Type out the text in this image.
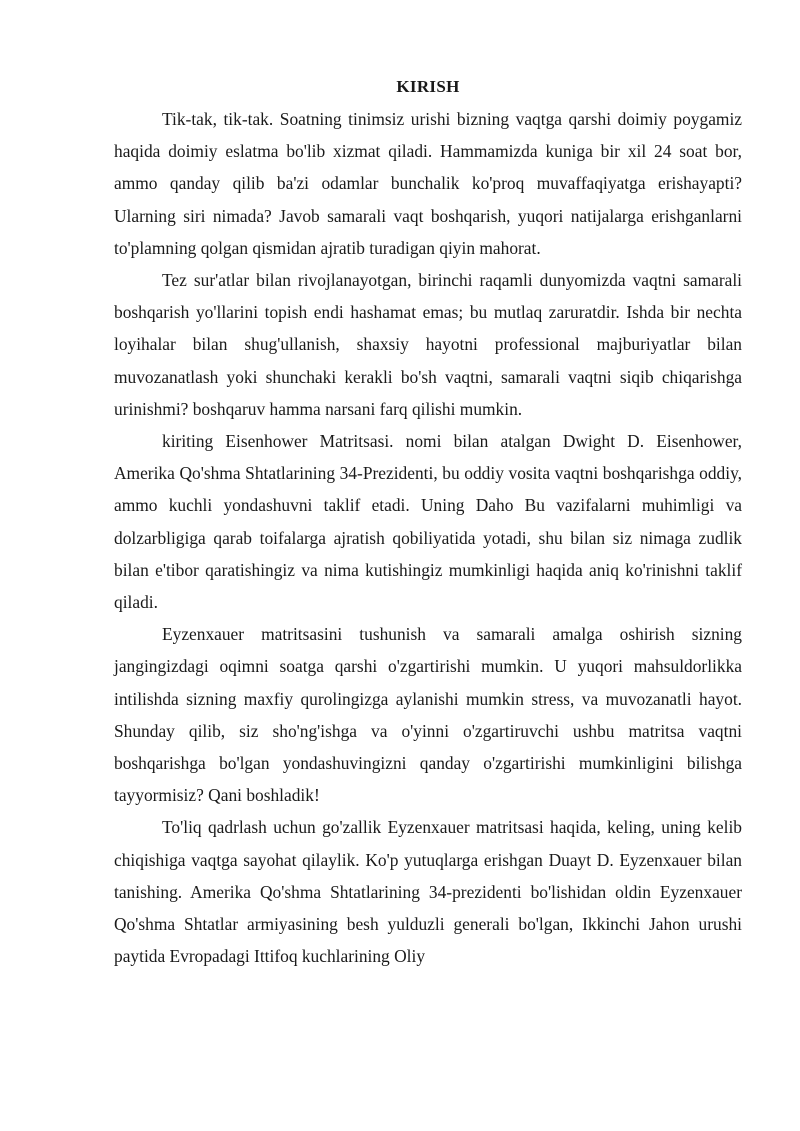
KIRISH

Tik-tak, tik-tak. Soatning tinimsiz urishi bizning vaqtga qarshi doimiy poygamiz haqida doimiy eslatma bo'lib xizmat qiladi. Hammamizda kuniga bir xil 24 soat bor, ammo qanday qilib ba'zi odamlar bunchalik ko'proq muvaffaqiyatga erishayapti? Ularning siri nimada? Javob samarali vaqt boshqarish, yuqori natijalarga erishganlarni to'plamning qolgan qismidan ajratib turadigan qiyin mahorat.

Tez sur'atlar bilan rivojlanayotgan, birinchi raqamli dunyomizda vaqtni samarali boshqarish yo'llarini topish endi hashamat emas; bu mutlaq zaruratdir. Ishda bir nechta loyihalar bilan shug'ullanish, shaxsiy hayotni professional majburiyatlar bilan muvozanatlash yoki shunchaki kerakli bo'sh vaqtni, samarali vaqtni siqib chiqarishga urinishmi? boshqaruv hamma narsani farq qilishi mumkin.

kiriting Eisenhower Matritsasi. nomi bilan atalgan Dwight D. Eisenhower, Amerika Qo'shma Shtatlarining 34-Prezidenti, bu oddiy vosita vaqtni boshqarishga oddiy, ammo kuchli yondashuvni taklif etadi. Uning Daho Bu vazifalarni muhimligi va dolzarbligiga qarab toifalarga ajratish qobiliyatida yotadi, shu bilan siz nimaga zudlik bilan e'tibor qaratishingiz va nima kutishingiz mumkinligi haqida aniq ko'rinishni taklif qiladi.

Eyzenxauer matritsasini tushunish va samarali amalga oshirish sizning jangingizdagi oqimni soatga qarshi o'zgartirishi mumkin. U yuqori mahsuldorlikka intilishda sizning maxfiy qurolingizga aylanishi mumkin stress, va muvozanatli hayot. Shunday qilib, siz sho'ng'ishga va o'yinni o'zgartiruvchi ushbu matritsa vaqtni boshqarishga bo'lgan yondashuvingizni qanday o'zgartirishi mumkinligini bilishga tayyormisiz? Qani boshladik!

To'liq qadrlash uchun go'zallik Eyzenxauer matritsasi haqida, keling, uning kelib chiqishiga vaqtga sayohat qilaylik. Ko'p yutuqlarga erishgan Duayt D. Eyzenxauer bilan tanishing. Amerika Qo'shma Shtatlarining 34-prezidenti bo'lishidan oldin Eyzenxauer Qo'shma Shtatlar armiyasining besh yulduzli generali bo'lgan, Ikkinchi Jahon urushi paytida Evropadagi Ittifoq kuchlarining Oliy
